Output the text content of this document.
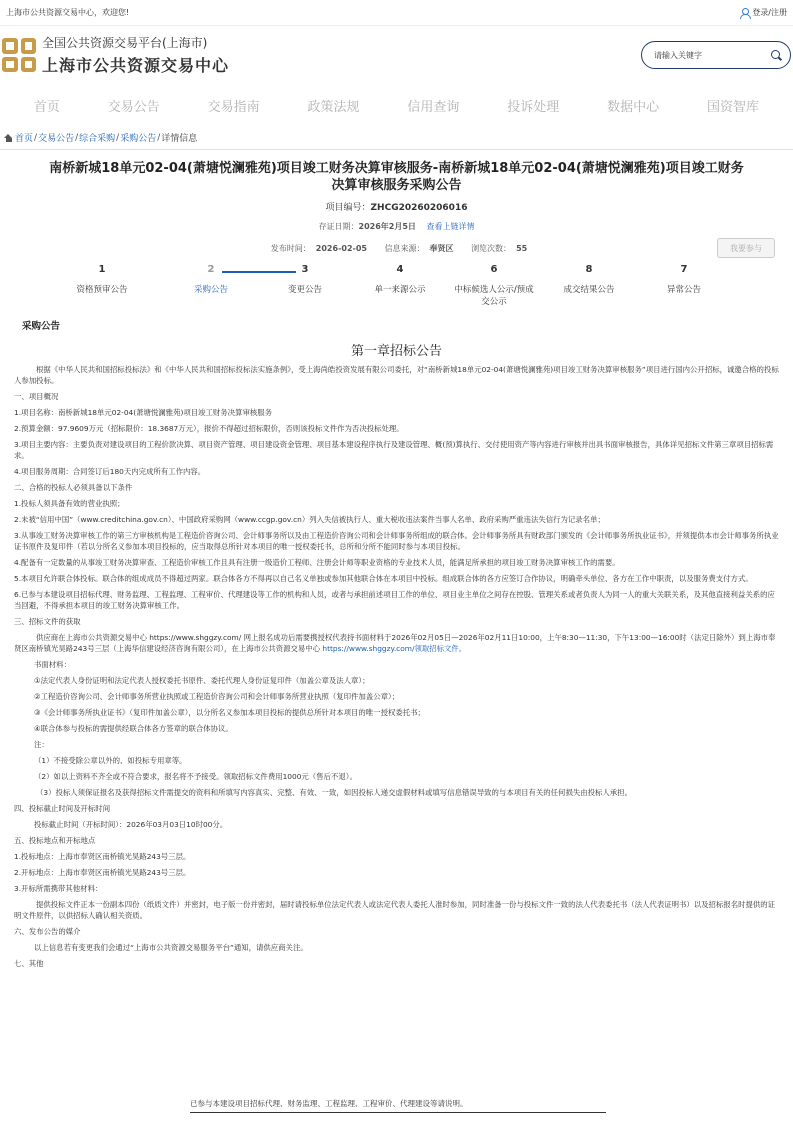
上海市公共资源交易中心，欢迎您!	登录/注册
全国公共资源交易平台(上海市)
上海市公共资源交易中心
请输入关键字
首页	交易公告	交易指南	政策法规	信用查询	投诉处理	数据中心	国资智库
首页 / 交易公告 / 综合采购 / 采购公告 / 详情信息
南桥新城18单元02-04(萧塘悦澜雅苑)项目竣工财务决算审核服务-南桥新城18单元02-04(萧塘悦澜雅苑)项目竣工财务决算审核服务采购公告
项目编号：ZHCG20260206016
存证日期：2026年2月5日 查看上链详情
发布时间： 2026-02-05 信息来源： 奉贤区 浏览次数： 55	我要参与
1
资格预审公告
2
采购公告
3
变更公告
4
单一来源公示
6
中标候选人公示/预成交公示
8
成交结果公告
7
异常公告
采购公告
第一章招标公告
根据《中华人民共和国招标投标法》和《中华人民共和国招标投标法实施条例》，受上海尚皓投资发展有限公司委托，对“南桥新城18单元02-04(萧塘悦澜雅苑)项目竣工财务决算审核服务”项目进行国内公开招标，诚邀合格的投标人参加投标。
一、项目概况
1.项目名称：南桥新城18单元02-04(萧塘悦澜雅苑)项目竣工财务决算审核服务
2.预算金额：97.9609万元（招标限价：18.3687万元），报价不得超过招标限价，否则该投标文件作为否决投标处理。
3.项目主要内容：主要负责对建设项目的工程价款决算、项目资产管理、项目建设资金管理、项目基本建设程序执行及建设管理、概(预)算执行、交付使用资产等内容进行审核并出具书面审核报告，具体详见招标文件第三章项目招标需求。
4.项目服务周期：合同签订后180天内完成所有工作内容。
二、合格的投标人必须具备以下条件
1.投标人须具备有效的营业执照；
2.未被“信用中国”（www.creditchina.gov.cn）、中国政府采购网（www.ccgp.gov.cn）列入失信被执行人、重大税收违法案件当事人名单、政府采购严重违法失信行为记录名单；
3.从事竣工财务决算审核工作的第三方审核机构是工程造价咨询公司、会计师事务所以及由工程造价咨询公司和会计师事务所组成的联合体。会计师事务所具有财政部门颁发的《会计师事务所执业证书》，并须提供本市会计师事务所执业证书原件及复印件（若以分所名义参加本项目投标的，应当取得总所针对本项目的唯一授权委托书，总所和分所不能同时参与本项目投标。
4.配备有一定数量的从事竣工财务决算审查、工程造价审核工作且具有注册一级造价工程师、注册会计师等职业资格的专业技术人员，能满足所承担的项目竣工财务决算审核工作的需要。
5.本项目允许联合体投标。联合体的组成成员不得超过两家。联合体各方不得再以自己名义单独或参加其他联合体在本项目中投标。组成联合体的各方应签订合作协议，明确牵头单位、各方在工作中职责，以及服务费支付方式。
6.已参与本建设项目招标代理、财务监理、工程监理、工程审价、代理建设等工作的机构和人员，或者与承担前述项目工作的单位、项目业主单位之间存在控股、管理关系或者负责人为同一人的重大关联关系，及其他直接利益关系的应当回避，不得承担本项目的竣工财务决算审核工作。
三、招标文件的获取
供应商在上海市公共资源交易中心 https://www.shggzy.com/ 网上报名成功后需要携授权代表持书面材料于2026年02月05日—2026年02月11日10:00，上午8:30—11:30，下午13:00—16:00时（法定日除外）到上海市奉贤区南桥镇光昊路243号三层（上海华信建设经济咨询有限公司），在上海市公共资源交易中心 https://www.shggzy.com/领取招标文件。
书面材料：
①法定代表人身份证明和法定代表人授权委托书原件、委托代理人身份证复印件（加盖公章及法人章）；
②工程造价咨询公司、会计师事务所营业执照或工程造价咨询公司和会计师事务所营业执照（复印件加盖公章）；
③《会计师事务所执业证书》（复印件加盖公章），以分所名义参加本项目投标的提供总所针对本项目的唯一授权委托书；
④联合体参与投标的需提供经联合体各方签章的联合体协议。
注：
（1）不接受除公章以外的、如投标专用章等。
（2）如以上资料不齐全或不符合要求，报名将不予接受。领取招标文件费用1000元（售后不退）。
（3）投标人须保证报名及获得招标文件需提交的资料和所填写内容真实、完整、有效、一致，如因投标人递交虚假材料或填写信息错误导致的与本项目有关的任何损失由投标人承担。
四、投标截止时间及开标时间
投标截止时间（开标时间）：2026年03月03日10时00分。
五、投标地点和开标地点
1.投标地点：上海市奉贤区南桥镇光昊路243号三层。
2.开标地点：上海市奉贤区南桥镇光昊路243号三层。
3.开标所需携带其他材料：
提供投标文件正本一份副本四份（纸质文件）并密封，电子版一份并密封，届时请投标单位法定代表人或法定代表人委托人准时参加，同时准备一份与投标文件一致的法人代表委托书（法人代表证明书）以及招标报名时提供的证明文件原件，以供招标人确认相关资质。
六、发布公告的媒介
以上信息若有变更我们会通过“上海市公共资源交易服务平台”通知，请供应商关注。
七、其他
已参与本建设项目招标代理、财务监理、工程监理、工程审价、代理建设等请说明。
